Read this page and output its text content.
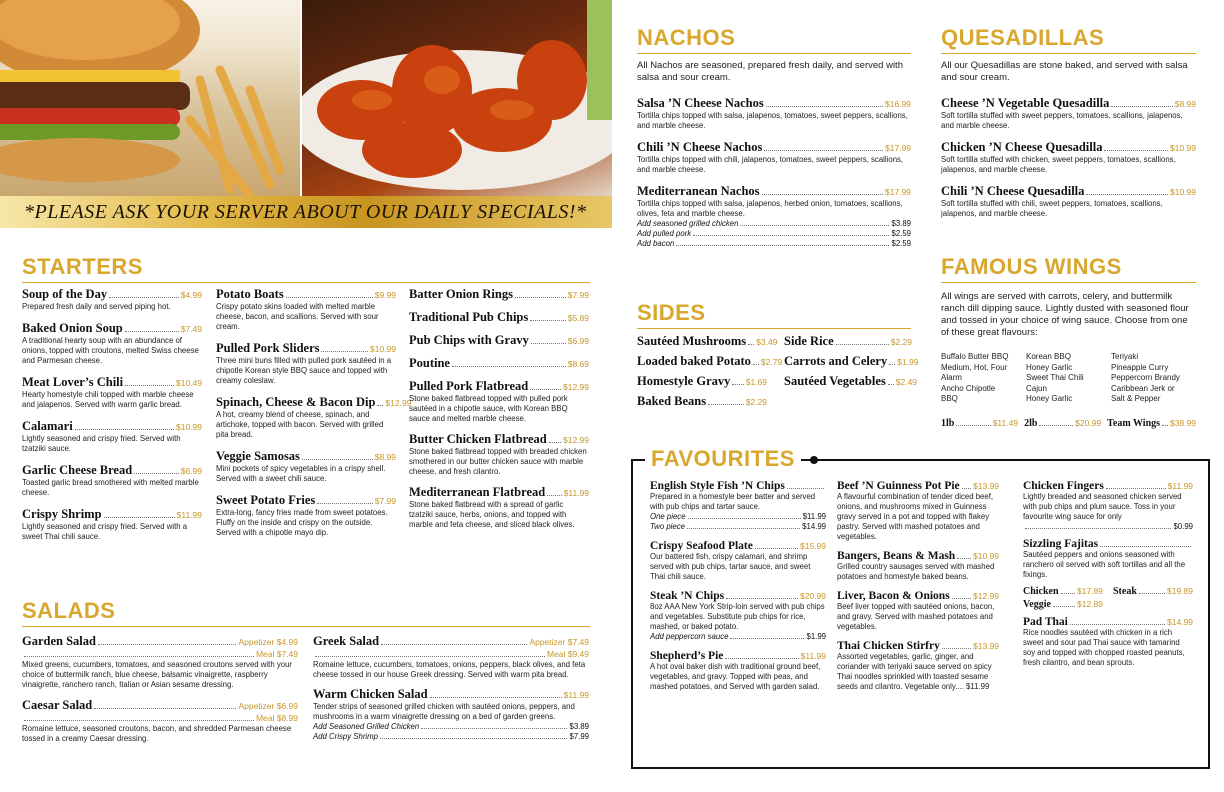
*PLEASE ASK YOUR SERVER ABOUT OUR DAILY SPECIALS!*
STARTERS
Soup of the Day	$4.99
Prepared fresh daily and served piping hot.
Baked Onion Soup	$7.49
A traditional hearty soup with an abundance of onions, topped with croutons, melted Swiss cheese and Parmesan cheese.
Meat Lover’s Chili	$10.49
Hearty homestyle chili topped with marble cheese and jalapenos. Served with warm garlic bread.
Calamari	$10.99
Lightly seasoned and crispy fried. Served with tzatziki sauce.
Garlic Cheese Bread	$6.99
Toasted garlic bread smothered with melted marble cheese.
Crispy Shrimp	$11.99
Lightly seasoned and crispy fried. Served with a sweet Thai chili sauce.
Potato Boats	$9.99
Crispy potato skins loaded with melted marble cheese, bacon, and scallions. Served with sour cream.
Pulled Pork Sliders	$10.99
Three mini buns filled with pulled pork sautéed in a chipotle Korean style BBQ sauce and topped with creamy coleslaw.
Spinach, Cheese & Bacon Dip $12.99
A hot, creamy blend of cheese, spinach, and artichoke, topped with bacon. Served with grilled pita bread.
Veggie Samosas	$8.99
Mini pockets of spicy vegetables in a crispy shell. Served with a sweet chili sauce.
Sweet Potato Fries	$7.99
Extra-long, fancy fries made from sweet potatoes. Fluffy on the inside and crispy on the outside. Served with a chipotle mayo dip.
Batter Onion Rings	$7.99
Traditional Pub Chips	$5.89
Pub Chips with Gravy	$6.99
Poutine	$8.69
Pulled Pork Flatbread	$12.99
Stone baked flatbread topped with pulled pork sautéed in a chipotle sauce, with Korean BBQ sauce and melted marble cheese.
Butter Chicken Flatbread $12.99
Stone baked flatbread topped with breaded chicken smothered in our butter chicken sauce with marble cheese, and fresh cilantro.
Mediterranean Flatbread $11.99
Stone baked flatbread with a spread of garlic tzatziki sauce, herbs, onions, and topped with marble and feta cheese, and sliced black olives.
SALADS
Garden Salad	Appetizer $4.99
Meal $7.49
Mixed greens, cucumbers, tomatoes, and seasoned croutons served with your choice of buttermilk ranch, blue cheese, balsamic vinaigrette, raspberry vinaigrette, ranchero ranch, Italian or Asian sesame dressing.
Caesar Salad	Appetizer $6.99
Meal $8.99
Romaine lettuce, seasoned croutons, bacon, and shredded Parmesan cheese tossed in a creamy Caesar dressing.
Greek Salad	Appetizer $7.49
Meal $9.49
Romaine lettuce, cucumbers, tomatoes, onions, peppers, black olives, and feta cheese tossed in our house Greek dressing. Served with warm pita bread.
Warm Chicken Salad	$11.99
Tender strips of seasoned grilled chicken with sautéed onions, peppers, and mushrooms in a warm vinaigrette dressing on a bed of garden greens.
Add Seasoned Grilled Chicken	$3.89
Add Crispy Shrimp	$7.99
NACHOS
All Nachos are seasoned, prepared fresh daily, and served with salsa and sour cream.
Salsa ’N Cheese Nachos	$16.99
Tortilla chips topped with salsa, jalapenos, tomatoes, sweet peppers, scallions, and marble cheese.
Chili ’N Cheese Nachos	$17.99
Tortilla chips topped with chili, jalapenos, tomatoes, sweet peppers, scallions, and marble cheese.
Mediterranean Nachos	$17.99
Tortilla chips topped with salsa, jalapenos, herbed onion, tomatoes, scallions, olives, feta and marble cheese.
Add seasoned grilled chicken	$3.89
Add pulled pork	$2.59
Add bacon	$2.59
QUESADILLAS
All our Quesadillas are stone baked, and served with salsa and sour cream.
Cheese ’N Vegetable Quesadilla	$8.99
Soft tortilla stuffed with sweet peppers, tomatoes, scallions, jalapenos, and marble cheese.
Chicken ’N Cheese Quesadilla	$10.99
Soft tortilla stuffed with chicken, sweet peppers, tomatoes, scallions, jalapenos, and marble cheese.
Chili ’N Cheese Quesadilla	$10.99
Soft tortilla stuffed with chili, sweet peppers, tomatoes, scallions, jalapenos, and marble cheese.
SIDES
Sautéed Mushrooms $3.49
Loaded baked Potato $2.79
Homestyle Gravy $1.69
Baked Beans	$2.29
Side Rice	$2.29
Carrots and Celery $1.99
Sautéed Vegetables $2.49
FAMOUS WINGS
All wings are served with carrots, celery, and buttermilk ranch dill dipping sauce. Lightly dusted with seasoned flour and tossed in your choice of wing sauce. Choose from one of these great flavours:
Buffalo Butter BBQ
Medium, Hot, Four Alarm
Ancho Chipotle
BBQ
Korean BBQ
Honey Garlic
Sweet Thai Chili
Cajun
Honey Garlic
Teriyaki
Pineapple Curry
Peppercorn Brandy
Caribbean Jerk or
Salt & Pepper
1lb	$11.49 2lb	$20.99 Team Wings $38.99
FAVOURITES
English Style Fish ’N Chips
Prepared in a homestyle beer batter and served with pub chips and tartar sauce.
One piece	$11.99
Two piece	$14.99
Crispy Seafood Plate	$15.99
Our battered fish, crispy calamari, and shrimp served with pub chips, tartar sauce, and sweet Thai chili sauce.
Steak ’N Chips	$20.99
8oz AAA New York Strip-loin served with pub chips and vegetables. Substitute pub chips for rice, mashed, or baked potato.
Add peppercorn sauce	$1.99
Shepherd’s Pie	$11.99
A hot oval baker dish with traditional ground beef, vegetables, and gravy. Topped with peas, and mashed potatoes, and Served with garden salad.
Beef ’N Guinness Pot Pie $13.99
A flavourful combination of tender diced beef, onions, and mushrooms mixed in Guinness gravy served in a pot and topped with flakey pastry. Served with mashed potatoes and vegetables.
Bangers, Beans & Mash $10.99
Grilled country sausages served with mashed potatoes and homestyle baked beans.
Liver, Bacon & Onions	$12.99
Beef liver topped with sautéed onions, bacon, and gravy. Served with mashed potatoes and vegetables.
Thai Chicken Stirfry	$13.99
Assorted vegetables, garlic, ginger, and coriander with teriyaki sauce served on spicy Thai noodles sprinkled with toasted sesame seeds and cilantro. Vegetable only.... $11.99
Chicken Fingers	$11.99
Lightly breaded and seasoned chicken served with pub chips and plum sauce. Toss in your favourite wing sauce for only
$0.99
Sizzling Fajitas
Sautéed peppers and onions seasoned with ranchero oil served with soft tortillas and all the fixings.
Chicken $17.89 Steak	$19.89
Veggie	$12.89
Pad Thai	$14.99
Rice noodles sautéed with chicken in a rich sweet and sour pad Thai sauce with tamarind soy and topped with chopped roasted peanuts, fresh cilantro, and bean sprouts.
